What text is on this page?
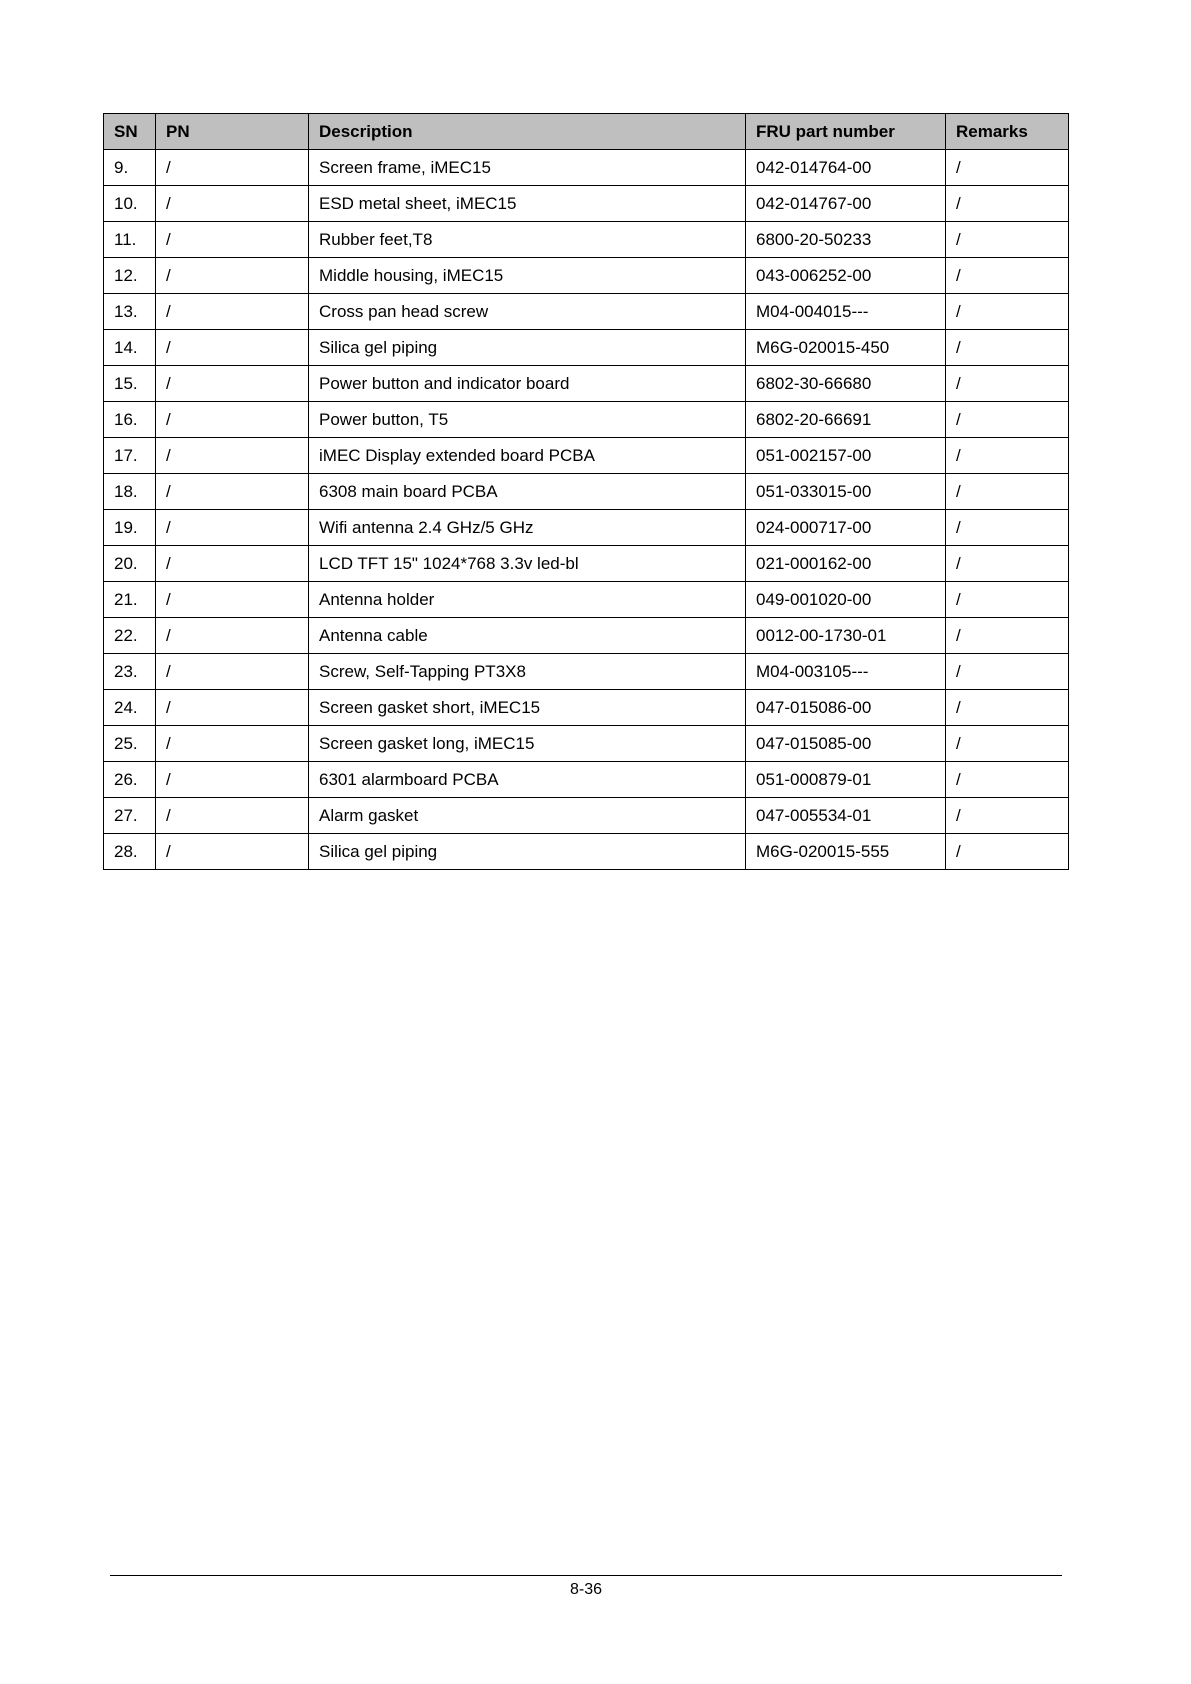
SN	PN	Description	FRU part number	Remarks
9.	/	Screen frame, iMEC15	042-014764-00	/
10.	/	ESD metal sheet, iMEC15	042-014767-00	/
11.	/	Rubber feet,T8	6800-20-50233	/
12.	/	Middle housing, iMEC15	043-006252-00	/
13.	/	Cross pan head screw	M04-004015---	/
14.	/	Silica gel piping	M6G-020015-450	/
15.	/	Power button and indicator board	6802-30-66680	/
16.	/	Power button, T5	6802-20-66691	/
17.	/	iMEC Display extended board PCBA	051-002157-00	/
18.	/	6308 main board PCBA	051-033015-00	/
19.	/	Wifi antenna 2.4 GHz/5 GHz	024-000717-00	/
20.	/	LCD TFT 15" 1024*768 3.3v led-bl	021-000162-00	/
21.	/	Antenna holder	049-001020-00	/
22.	/	Antenna cable	0012-00-1730-01	/
23.	/	Screw, Self-Tapping PT3X8	M04-003105---	/
24.	/	Screen gasket short, iMEC15	047-015086-00	/
25.	/	Screen gasket long, iMEC15	047-015085-00	/
26.	/	6301 alarmboard PCBA	051-000879-01	/
27.	/	Alarm gasket	047-005534-01	/
28.	/	Silica gel piping	M6G-020015-555	/
8-36
